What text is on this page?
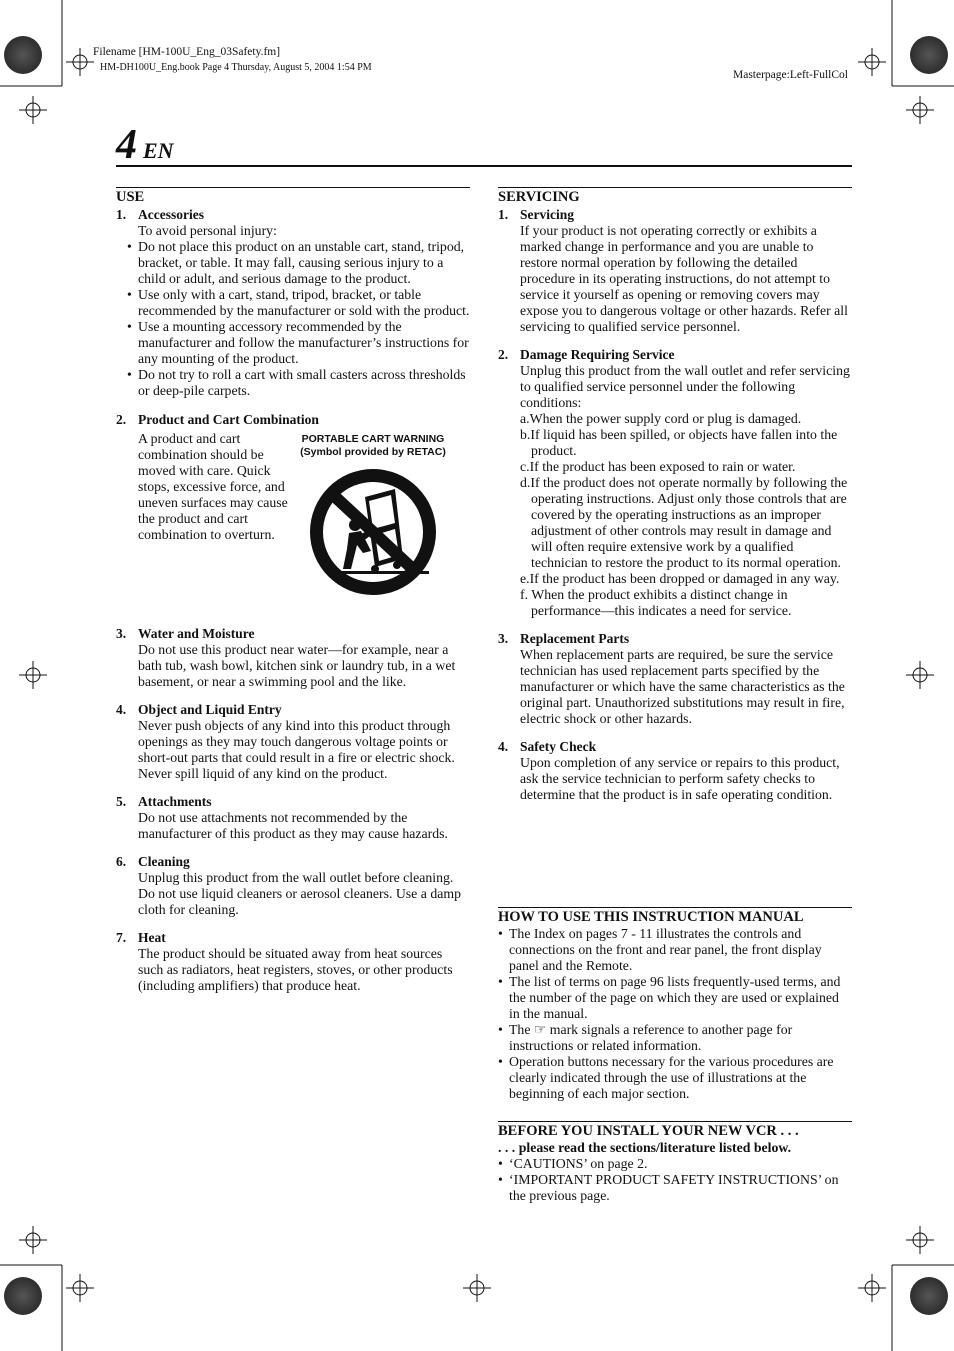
Filename [HM-100U_Eng_03Safety.fm]
HM-DH100U_Eng.book Page 4 Thursday, August 5, 2004 1:54 PM
Masterpage:Left-FullCol
4 EN

USE

1. Accessories

To avoid personal injury:

• Do not place this product on an unstable cart, stand, tripod, bracket, or table. It may fall, causing serious injury to a child or adult, and serious damage to the product.
• Use only with a cart, stand, tripod, bracket, or table recommended by the manufacturer or sold with the product.
• Use a mounting accessory recommended by the manufacturer and follow the manufacturer’s instructions for any mounting of the product.
• Do not try to roll a cart with small casters across thresholds or deep-pile carpets.
2. Product and Cart Combination

A product and cart combination should be moved with care. Quick stops, excessive force, and uneven surfaces may cause the product and cart combination to overturn.

PORTABLE CART WARNING
(Symbol provided by RETAC)
3. Water and Moisture

Do not use this product near water—for example, near a bath tub, wash bowl, kitchen sink or laundry tub, in a wet basement, or near a swimming pool and the like.

4. Object and Liquid Entry

Never push objects of any kind into this product through openings as they may touch dangerous voltage points or short-out parts that could result in a fire or electric shock. Never spill liquid of any kind on the product.

5. Attachments

Do not use attachments not recommended by the manufacturer of this product as they may cause hazards.

6. Cleaning

Unplug this product from the wall outlet before cleaning. Do not use liquid cleaners or aerosol cleaners. Use a damp cloth for cleaning.

7. Heat

The product should be situated away from heat sources such as radiators, heat registers, stoves, or other products (including amplifiers) that produce heat.

SERVICING

1. Servicing

If your product is not operating correctly or exhibits a marked change in performance and you are unable to restore normal operation by following the detailed procedure in its operating instructions, do not attempt to service it yourself as opening or removing covers may expose you to dangerous voltage or other hazards. Refer all servicing to qualified service personnel.

2. Damage Requiring Service

Unplug this product from the wall outlet and refer servicing to qualified service personnel under the following conditions:

a.When the power supply cord or plug is damaged.
b.If liquid has been spilled, or objects have fallen into the product.
c.If the product has been exposed to rain or water.
d.If the product does not operate normally by following the operating instructions. Adjust only those controls that are covered by the operating instructions as an improper adjustment of other controls may result in damage and will often require extensive work by a qualified technician to restore the product to its normal operation.
e.If the product has been dropped or damaged in any way.
f. When the product exhibits a distinct change in performance—this indicates a need for service.
3. Replacement Parts

When replacement parts are required, be sure the service technician has used replacement parts specified by the manufacturer or which have the same characteristics as the original part. Unauthorized substitutions may result in fire, electric shock or other hazards.

4. Safety Check

Upon completion of any service or repairs to this product, ask the service technician to perform safety checks to determine that the product is in safe operating condition.

HOW TO USE THIS INSTRUCTION MANUAL

• The Index on pages 7 - 11 illustrates the controls and connections on the front and rear panel, the front display panel and the Remote.
• The list of terms on page 96 lists frequently-used terms, and the number of the page on which they are used or explained in the manual.
• The ☞ mark signals a reference to another page for instructions or related information.
• Operation buttons necessary for the various procedures are clearly indicated through the use of illustrations at the beginning of each major section.

BEFORE YOU INSTALL YOUR NEW VCR . . .

. . . please read the sections/literature listed below.

• ‘CAUTIONS’ on page 2.
• ‘IMPORTANT PRODUCT SAFETY INSTRUCTIONS’ on the previous page.
